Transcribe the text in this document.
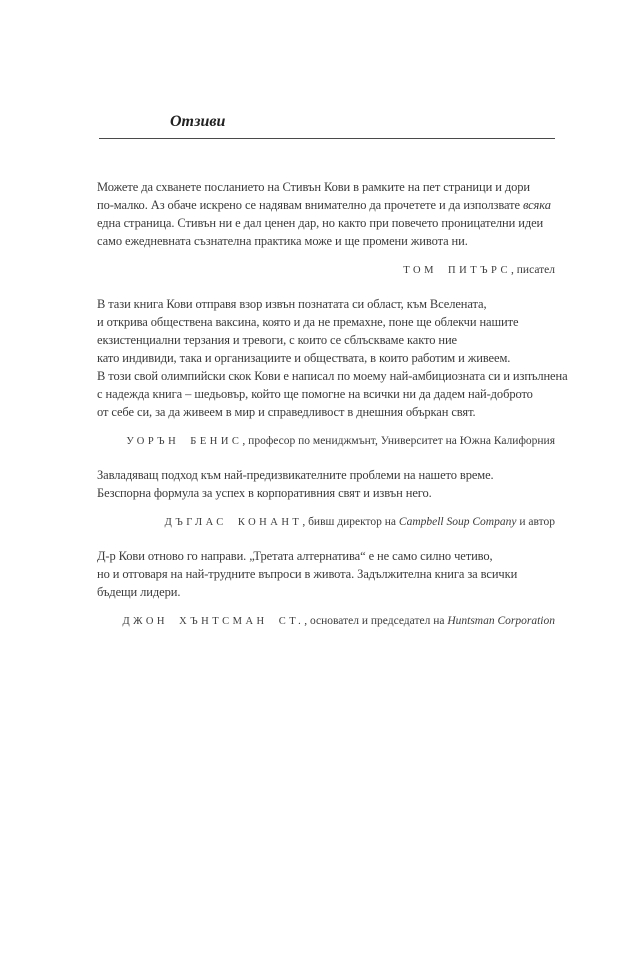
Отзиви

Можете да схванете посланието на Стивън Кови в рамките на пет страници и дори
по-малко. Аз обаче искрено се надявам внимателно да прочетете и да използвате всяка
една страница. Стивън ни е дал ценен дар, но както при повечето проницателни идеи
само ежедневната съзнателна практика може и ще промени живота ни.

ТОМ ПИТЪРС, писател

В тази книга Кови отправя взор извън познатата си област, към Вселената,
и открива обществена ваксина, която и да не премахне, поне ще облекчи нашите
екзистенциални терзания и тревоги, с които се сблъскваме както ние
като индивиди, така и организациите и обществата, в които работим и живеем.
В този свой олимпийски скок Кови е написал по моему най-амбициозната си и изпълнена
с надежда книга – шедьовър, който ще помогне на всички ни да дадем най-доброто
от себе си, за да живеем в мир и справедливост в днешния объркан свят.

УОРЪН БЕНИС, професор по мениджмънт, Университет на Южна Калифорния

Завладяващ подход към най-предизвикателните проблеми на нашето време.
Безспорна формула за успех в корпоративния свят и извън него.

ДЪГЛАС КОНАНТ, бивш директор на Campbell Soup Company и автор

Д-р Кови отново го направи. „Третата алтернатива“ е не само силно четиво,
но и отговаря на най-трудните въпроси в живота. Задължителна книга за всички
бъдещи лидери.

ДЖОН ХЪНТСМАН СТ., основател и председател на Huntsman Corporation
